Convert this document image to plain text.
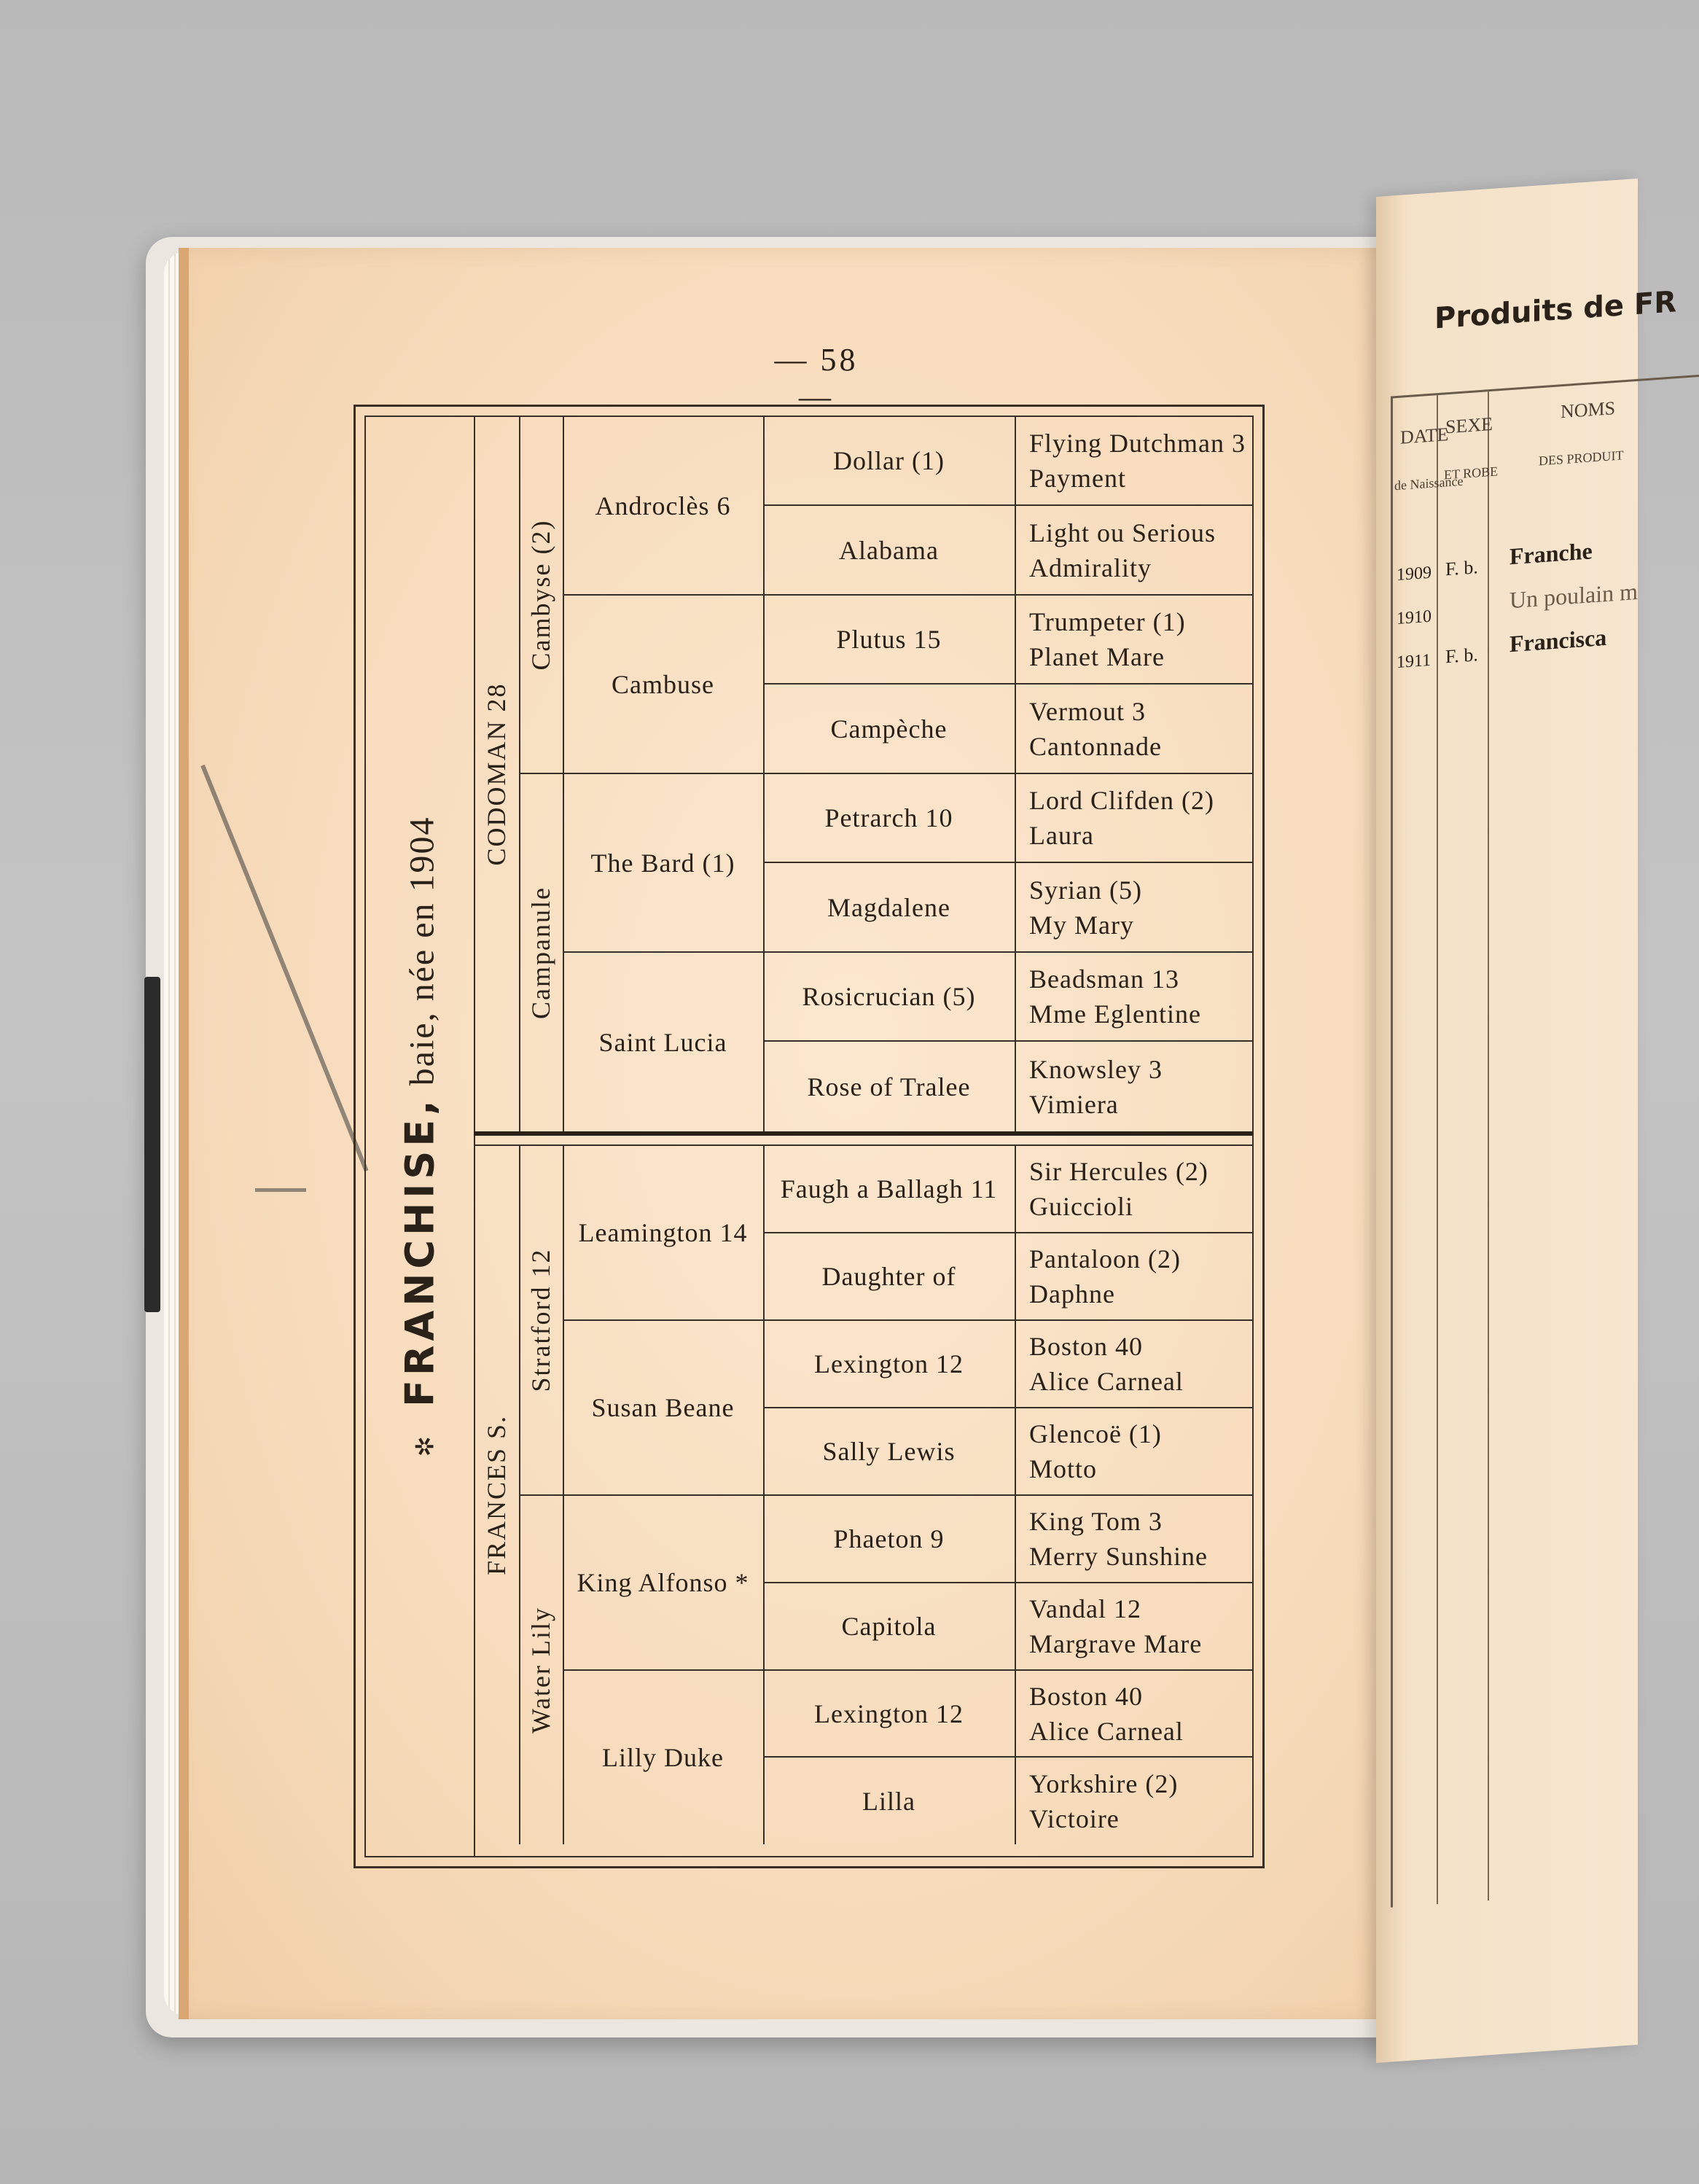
— 58 —
✲ FRANCHISE, baie, née en 1904
CODOMAN 28
Cambyse (2)
Campanule
Androclès 6
Cambuse
The Bard (1)
Saint Lucia
Dollar (1)
Alabama
Plutus 15
Campèche
Petrarch 10
Magdalene
Rosicrucian (5)
Rose of Tralee
Flying Dutchman 3
Payment
Light ou Serious
Admirality
Trumpeter (1)
Planet Mare
Vermout 3
Cantonnade
Lord Clifden (2)
Laura
Syrian (5)
My Mary
Beadsman 13
Mme Eglentine
Knowsley 3
Vimiera
FRANCES S.
Stratford 12
Water Lily
Leamington 14
Susan Beane
King Alfonso *
Lilly Duke
Faugh a Ballagh 11
Daughter of
Lexington 12
Sally Lewis
Phaeton 9
Capitola
Lexington 12
Lilla
Sir Hercules (2)
Guiccioli
Pantaloon (2)
Daphne
Boston 40
Alice Carneal
Glencoë (1)
Motto
King Tom 3
Merry Sunshine
Vandal 12
Margrave Mare
Boston 40
Alice Carneal
Yorkshire (2)
Victoire
Produits de FR
DATE
de Naissance
SEXE
ET ROBE
NOMS
DES PRODUIT
1909 F. b. Franche
1910
Un poulain m
1911 F. b. Francisca
